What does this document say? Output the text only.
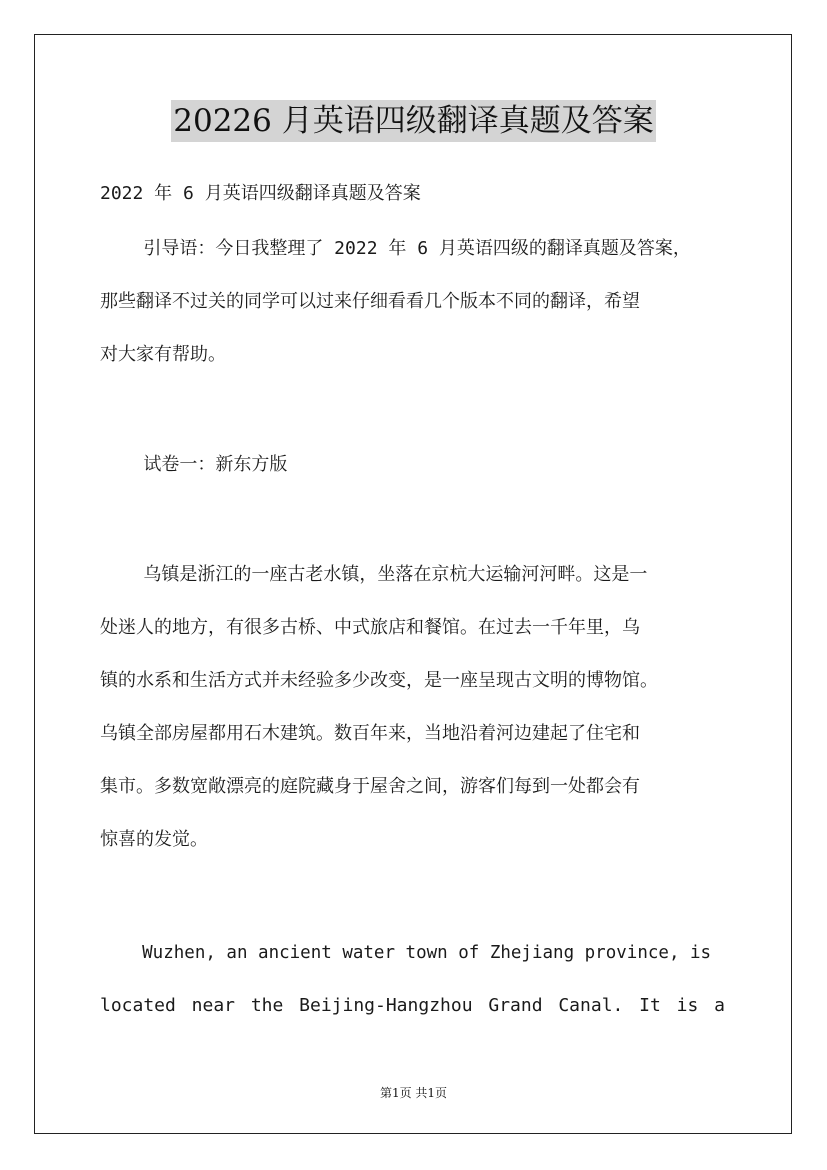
20226 月英语四级翻译真题及答案
2022 年 6 月英语四级翻译真题及答案
引导语：今日我整理了 2022 年 6 月英语四级的翻译真题及答案，
那些翻译不过关的同学可以过来仔细看看几个版本不同的翻译，希望
对大家有帮助。
试卷一：新东方版
乌镇是浙江的一座古老水镇，坐落在京杭大运输河河畔。这是一
处迷人的地方，有很多古桥、中式旅店和餐馆。在过去一千年里，乌
镇的水系和生活方式并未经验多少改变，是一座呈现古文明的博物馆。
乌镇全部房屋都用石木建筑。数百年来，当地沿着河边建起了住宅和
集市。多数宽敞漂亮的庭院藏身于屋舍之间，游客们每到一处都会有
惊喜的发觉。
Wuzhen, an ancient water town of Zhejiang province, is
located near the Beijing-Hangzhou Grand Canal. It is a
第1页 共1页
